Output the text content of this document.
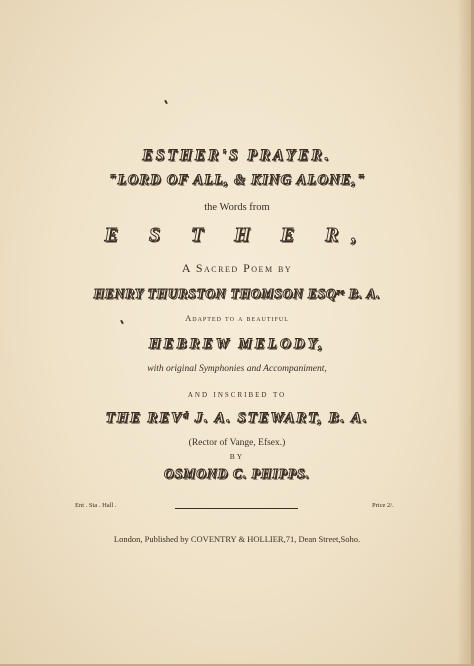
ESTHER'S PRAYER.
"LORD OF ALL, & KING ALONE,"
the Words from
E S T H E R,
A Sacred Poem by
HENRY THURSTON THOMSON ESQʳᵉ B. A.
Adapted to a beautiful
HEBREW MELODY,
with original Symphonies and Accompaniment,
and inscribed to
THE REVᵈ J. A. STEWART, B. A.
(Rector of Vange, Efsex.)
BY
OSMOND C. PHIPPS.
Ent . Sta . Hall .	Price 2/.
London, Published by COVENTRY & HOLLIER,71, Dean Street,Soho.
